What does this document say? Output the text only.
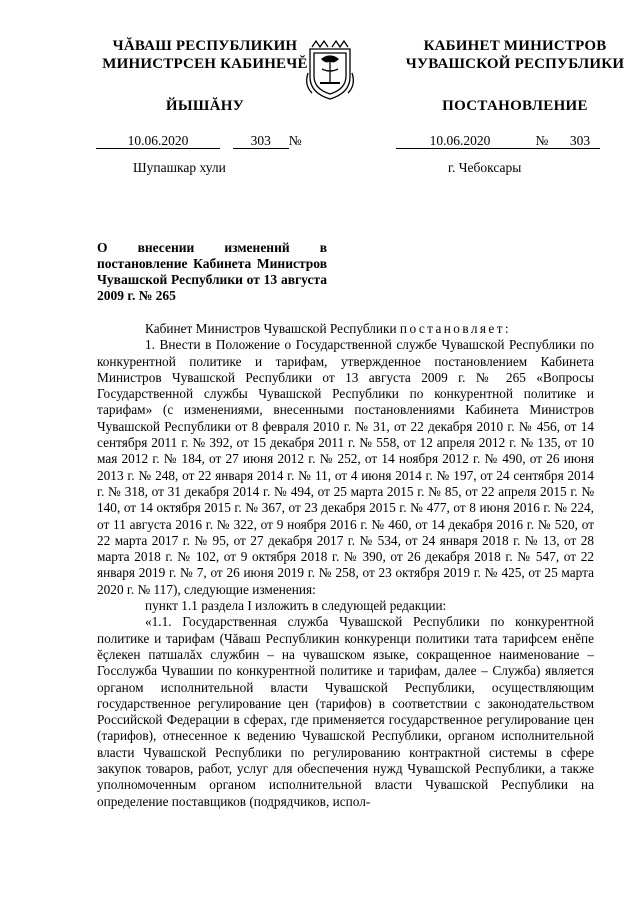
ЧĂВАШ РЕСПУБЛИКИН
МИНИСТРСЕН КАБИНЕЧĔ
КАБИНЕТ МИНИСТРОВ
ЧУВАШСКОЙ РЕСПУБЛИКИ
ЙЫШĂНУ	ПОСТАНОВЛЕНИЕ
10.06.2020	303 №	10.06.2020	№ 303
Шупашкар хули	г. Чебоксары
О внесении изменений в постановление Кабинета Министров Чувашской Республики от 13 августа 2009 г. № 265

Кабинет Министров Чувашской Республики постановляет:

1. Внести в Положение о Государственной службе Чувашской Республики по конкурентной политике и тарифам, утвержденное постановлением Кабинета Министров Чувашской Республики от 13 августа 2009 г. № 265 «Вопросы Государственной службы Чувашской Республики по конкурентной политике и тарифам» (с изменениями, внесенными постановлениями Кабинета Министров Чувашской Республики от 8 февраля 2010 г. № 31, от 22 декабря 2010 г. № 456, от 14 сентября 2011 г. № 392, от 15 декабря 2011 г. № 558, от 12 апреля 2012 г. № 135, от 10 мая 2012 г. № 184, от 27 июня 2012 г. № 252, от 14 ноября 2012 г. № 490, от 26 июня 2013 г. № 248, от 22 января 2014 г. № 11, от 4 июня 2014 г. № 197, от 24 сентября 2014 г. № 318, от 31 декабря 2014 г. № 494, от 25 марта 2015 г. № 85, от 22 апреля 2015 г. № 140, от 14 октября 2015 г. № 367, от 23 декабря 2015 г. № 477, от 8 июня 2016 г. № 224, от 11 августа 2016 г. № 322, от 9 ноября 2016 г. № 460, от 14 декабря 2016 г. № 520, от 22 марта 2017 г. № 95, от 27 декабря 2017 г. № 534, от 24 января 2018 г. № 13, от 28 марта 2018 г. № 102, от 9 октября 2018 г. № 390, от 26 декабря 2018 г. № 547, от 22 января 2019 г. № 7, от 26 июня 2019 г. № 258, от 23 октября 2019 г. № 425, от 25 марта 2020 г. № 117), следующие изменения:

пункт 1.1 раздела I изложить в следующей редакции:

«1.1. Государственная служба Чувашской Республики по конкурентной политике и тарифам (Чăваш Республикин конкуренци политики тата тарифсем енĕпе ĕçлекен патшалăх службин – на чувашском языке, сокращенное наименование – Госслужба Чувашии по конкурентной политике и тарифам, далее – Служба) является органом исполнительной власти Чувашской Республики, осуществляющим государственное регулирование цен (тарифов) в соответствии с законодательством Российской Федерации в сферах, где применяется государственное регулирование цен (тарифов), отнесенное к ведению Чувашской Республики, органом исполнительной власти Чувашской Республики по регулированию контрактной системы в сфере закупок товаров, работ, услуг для обеспечения нужд Чувашской Республики, а также уполномоченным органом исполнительной власти Чувашской Республики на определение поставщиков (подрядчиков, испол-
